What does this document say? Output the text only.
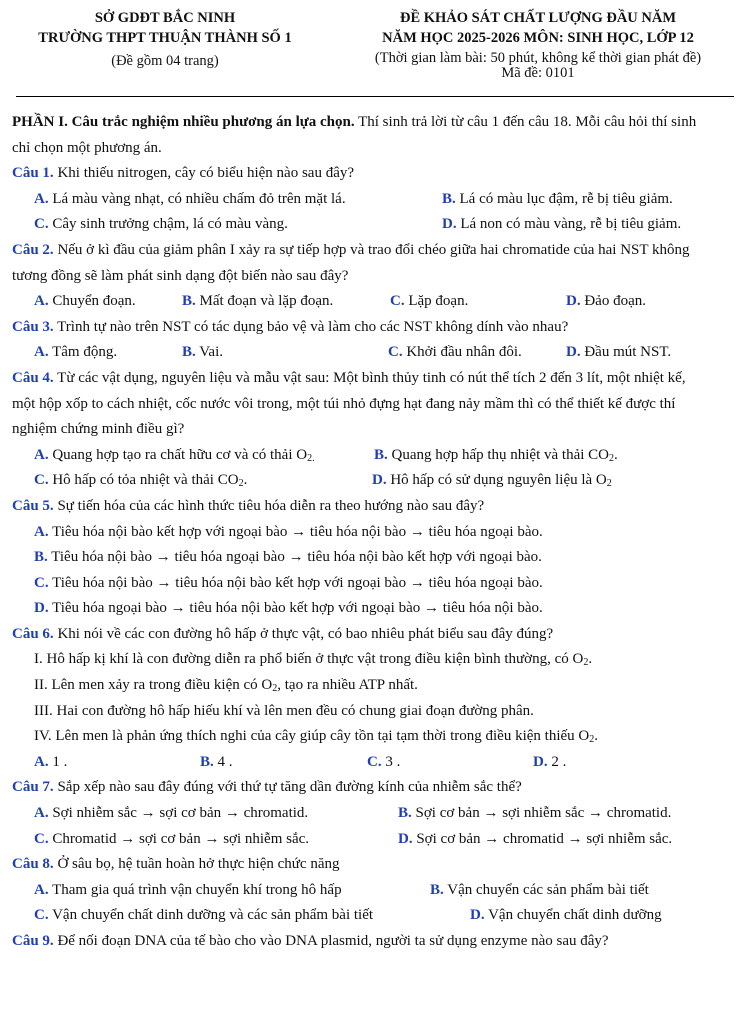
SỞ GDĐT BẮC NINH
TRƯỜNG THPT THUẬN THÀNH SỐ 1
(Đề gồm 04 trang)
ĐỀ KHẢO SÁT CHẤT LƯỢNG ĐẦU NĂM
NĂM HỌC 2025-2026 MÔN: SINH HỌC, LỚP 12
(Thời gian làm bài: 50 phút, không kể thời gian phát đề)
Mã đề: 0101
PHẦN I. Câu trắc nghiệm nhiều phương án lựa chọn. Thí sinh trả lời từ câu 1 đến câu 18. Mỗi câu hỏi thí sinh
chỉ chọn một phương án.
Câu 1. Khi thiếu nitrogen, cây có biểu hiện nào sau đây?
A. Lá màu vàng nhạt, có nhiều chấm đỏ trên mặt lá.	B. Lá có màu lục đậm, rễ bị tiêu giảm.
C. Cây sinh trưởng chậm, lá có màu vàng.	D. Lá non có màu vàng, rễ bị tiêu giảm.
Câu 2. Nếu ở kì đầu của giảm phân I xảy ra sự tiếp hợp và trao đổi chéo giữa hai chromatide của hai NST không
tương đồng sẽ làm phát sinh dạng đột biến nào sau đây?
A. Chuyển đoạn.	B. Mất đoạn và lặp đoạn.	C. Lặp đoạn.	D. Đảo đoạn.
Câu 3. Trình tự nào trên NST có tác dụng bảo vệ và làm cho các NST không dính vào nhau?
A. Tâm động.	B. Vai.	C. Khởi đầu nhân đôi.	D. Đầu mút NST.
Câu 4. Từ các vật dụng, nguyên liệu và mẫu vật sau: Một bình thủy tinh có nút thể tích 2 đến 3 lít, một nhiệt kế,
một hộp xốp to cách nhiệt, cốc nước vôi trong, một túi nhỏ đựng hạt đang nảy mầm thì có thể thiết kế được thí
nghiệm chứng minh điều gì?
A. Quang hợp tạo ra chất hữu cơ và có thải $O_{2.}$	B. Quang hợp hấp thụ nhiệt và thải $CO_2$.
C. Hô hấp có tỏa nhiệt và thải $CO_2$.	D. Hô hấp có sử dụng nguyên liệu là $O_2$
Câu 5. Sự tiến hóa của các hình thức tiêu hóa diễn ra theo hướng nào sau đây?
A. Tiêu hóa nội bào kết hợp với ngoại bào → tiêu hóa nội bào → tiêu hóa ngoại bào.
B. Tiêu hóa nội bào → tiêu hóa ngoại bào → tiêu hóa nội bào kết hợp với ngoại bào.
C. Tiêu hóa nội bào → tiêu hóa nội bào kết hợp với ngoại bào → tiêu hóa ngoại bào.
D. Tiêu hóa ngoại bào → tiêu hóa nội bào kết hợp với ngoại bào → tiêu hóa nội bào.
Câu 6. Khi nói về các con đường hô hấp ở thực vật, có bao nhiêu phát biểu sau đây đúng?
I. Hô hấp kị khí là con đường diễn ra phổ biến ở thực vật trong điều kiện bình thường, có $O_2$.
II. Lên men xảy ra trong điều kiện có $O_2$, tạo ra nhiều ATP nhất.
III. Hai con đường hô hấp hiếu khí và lên men đều có chung giai đoạn đường phân.
IV. Lên men là phản ứng thích nghi của cây giúp cây tồn tại tạm thời trong điều kiện thiếu $O_2$.
A. 1 .	B. 4 .	C. 3 .	D. 2 .
Câu 7. Sắp xếp nào sau đây đúng với thứ tự tăng dần đường kính của nhiễm sắc thể?
A. Sợi nhiễm sắc → sợi cơ bản → chromatid.	B. Sợi cơ bản → sợi nhiễm sắc → chromatid.
C. Chromatid → sợi cơ bản → sợi nhiễm sắc.	D. Sợi cơ bản → chromatid → sợi nhiễm sắc.
Câu 8. Ở sâu bọ, hệ tuần hoàn hở thực hiện chức năng
A. Tham gia quá trình vận chuyển khí trong hô hấp	B. Vận chuyển các sản phẩm bài tiết
C. Vận chuyển chất dinh dưỡng và các sản phẩm bài tiết	D. Vận chuyển chất dinh dưỡng
Câu 9. Để nối đoạn DNA của tế bào cho vào DNA plasmid, người ta sử dụng enzyme nào sau đây?
